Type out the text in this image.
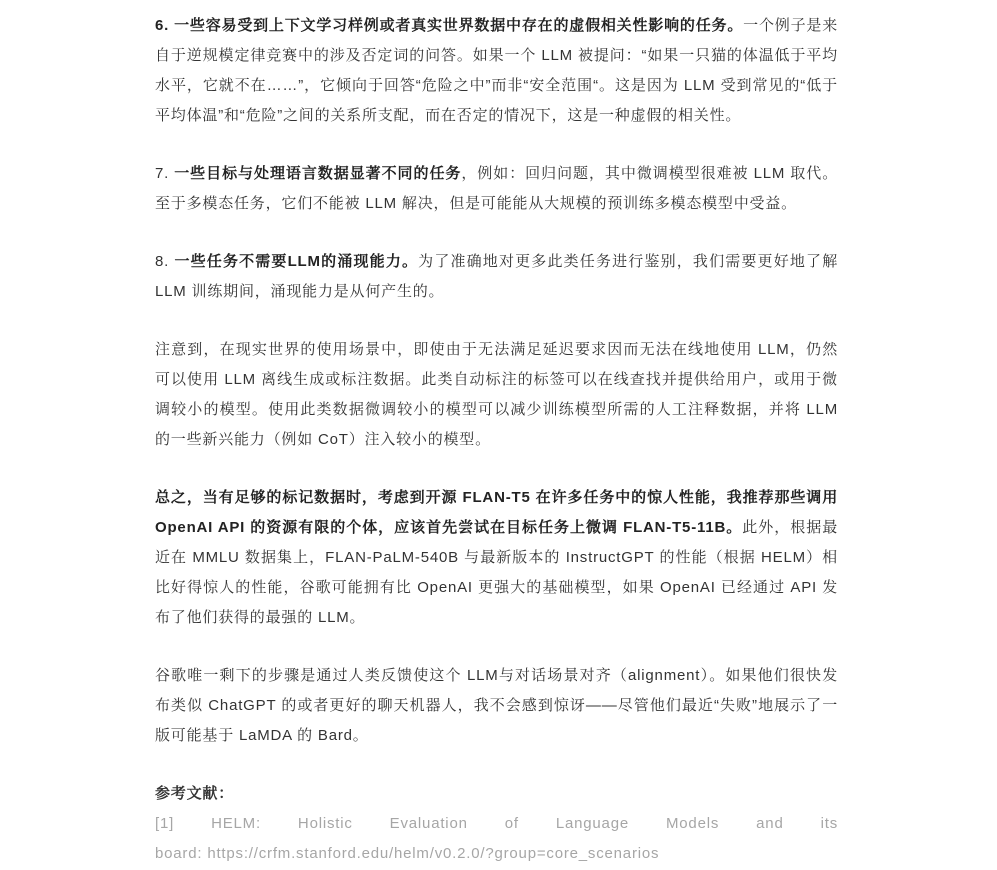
6. 一些容易受到上下文学习样例或者真实世界数据中存在的虚假相关性影响的任务。一个例子是来自于逆规模定律竞赛中的涉及否定词的问答。如果一个 LLM 被提问：“如果一只猫的体温低于平均水平，它就不在……”，它倾向于回答“危险之中”而非“安全范围“。这是因为 LLM 受到常见的“低于平均体温”和“危险”之间的关系所支配，而在否定的情况下，这是一种虚假的相关性。

7. 一些目标与处理语言数据显著不同的任务，例如：回归问题，其中微调模型很难被 LLM 取代。至于多模态任务，它们不能被 LLM 解决，但是可能能从大规模的预训练多模态模型中受益。

8. 一些任务不需要LLM的涌现能力。为了准确地对更多此类任务进行鉴别，我们需要更好地了解 LLM 训练期间，涌现能力是从何产生的。

注意到，在现实世界的使用场景中，即使由于无法满足延迟要求因而无法在线地使用 LLM，仍然可以使用 LLM 离线生成或标注数据。此类自动标注的标签可以在线查找并提供给用户，或用于微调较小的模型。使用此类数据微调较小的模型可以减少训练模型所需的人工注释数据，并将 LLM 的一些新兴能力（例如 CoT）注入较小的模型。

总之，当有足够的标记数据时，考虑到开源 FLAN-T5 在许多任务中的惊人性能，我推荐那些调用 OpenAI API 的资源有限的个体，应该首先尝试在目标任务上微调 FLAN-T5-11B。此外，根据最近在 MMLU 数据集上，FLAN-PaLM-540B 与最新版本的 InstructGPT 的性能（根据 HELM）相比好得惊人的性能，谷歌可能拥有比 OpenAI 更强大的基础模型，如果 OpenAI 已经通过 API 发布了他们获得的最强的 LLM。

谷歌唯一剩下的步骤是通过人类反馈使这个 LLM与对话场景对齐（alignment）。如果他们很快发布类似 ChatGPT 的或者更好的聊天机器人，我不会感到惊讶——尽管他们最近“失败”地展示了一版可能基于 LaMDA 的 Bard。

参考文献：

[1] HELM: Holistic Evaluation of Language Models and its
board: https://crfm.stanford.edu/helm/v0.2.0/?group=core_scenarios
